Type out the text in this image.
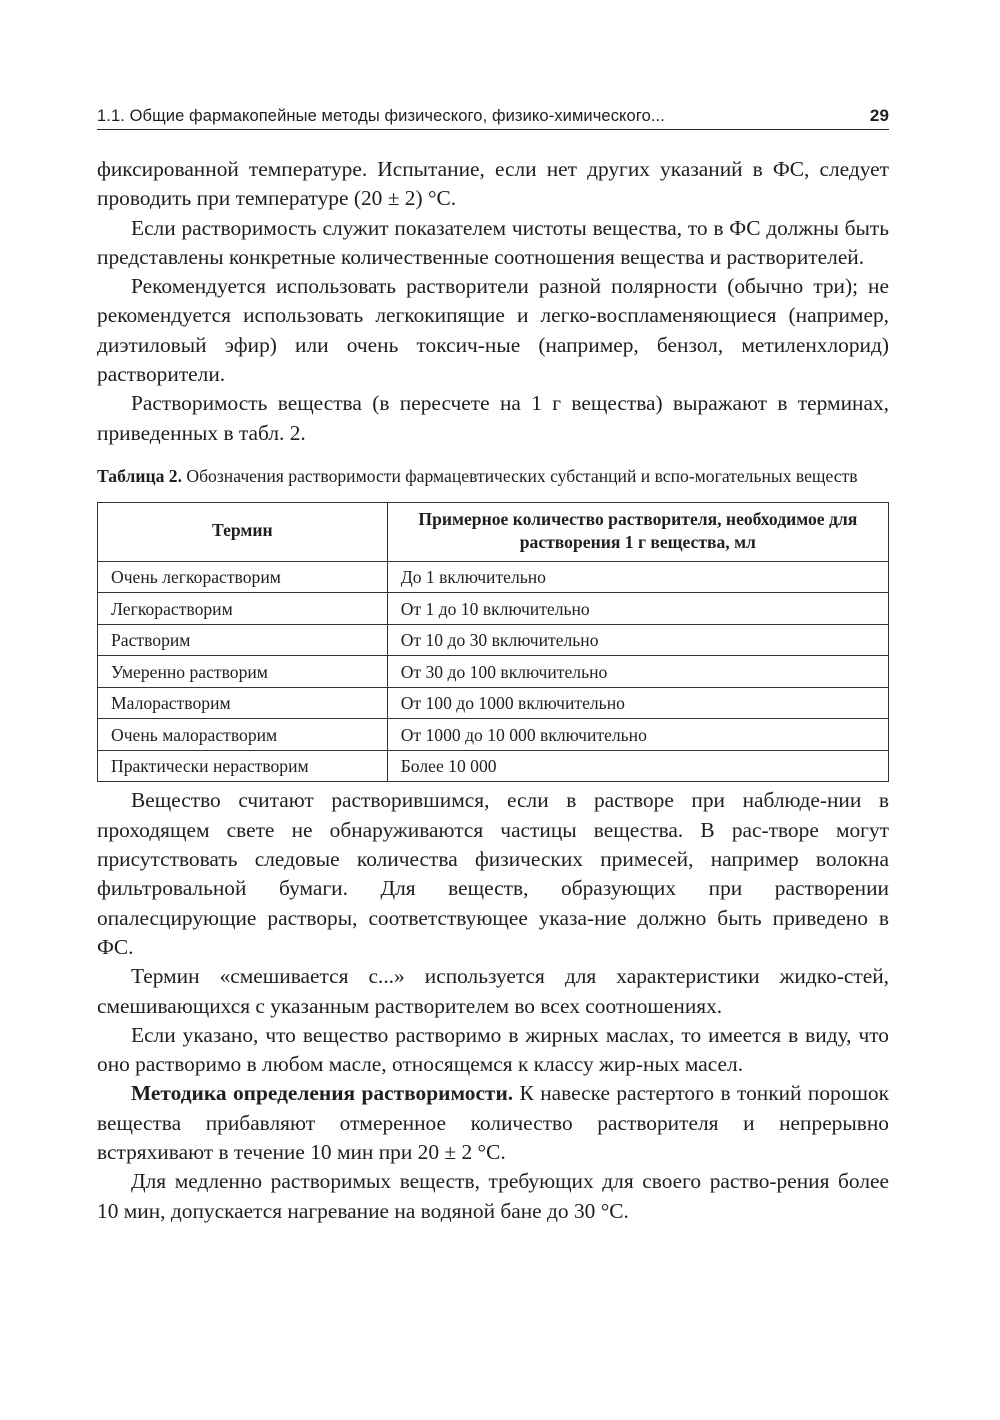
1.1. Общие фармакопейные методы физического, физико-химического...	29

фиксированной температуре. Испытание, если нет других указаний в ФС, следует проводить при температуре (20 ± 2) °С.

Если растворимость служит показателем чистоты вещества, то в ФС должны быть представлены конкретные количественные соотношения вещества и растворителей.

Рекомендуется использовать растворители разной полярности (обычно три); не рекомендуется использовать легкокипящие и легко-воспламеняющиеся (например, диэтиловый эфир) или очень токсич-ные (например, бензол, метиленхлорид) растворители.

Растворимость вещества (в пересчете на 1 г вещества) выражают в терминах, приведенных в табл. 2.

Таблица 2. Обозначения растворимости фармацевтических субстанций и вспо-могательных веществ
Термин	Примерное количество растворителя, необходимое для растворения 1 г вещества, мл
Очень легкорастворим	До 1 включительно
Легкорастворим	От 1 до 10 включительно
Растворим	От 10 до 30 включительно
Умеренно растворим	От 30 до 100 включительно
Малорастворим	От 100 до 1000 включительно
Очень малорастворим	От 1000 до 10 000 включительно
Практически нерастворим	Более 10 000

Вещество считают растворившимся, если в растворе при наблюде-нии в проходящем свете не обнаруживаются частицы вещества. В рас-творе могут присутствовать следовые количества физических примесей, например волокна фильтровальной бумаги. Для веществ, образующих при растворении опалесцирующие растворы, соответствующее указа-ние должно быть приведено в ФС.

Термин «смешивается с...» используется для характеристики жидко-стей, смешивающихся с указанным растворителем во всех соотношениях.

Если указано, что вещество растворимо в жирных маслах, то имеется в виду, что оно растворимо в любом масле, относящемся к классу жир-ных масел.

Методика определения растворимости. К навеске растертого в тонкий порошок вещества прибавляют отмеренное количество растворителя и непрерывно встряхивают в течение 10 мин при 20 ± 2 °С.

Для медленно растворимых веществ, требующих для своего раство-рения более 10 мин, допускается нагревание на водяной бане до 30 °С.
